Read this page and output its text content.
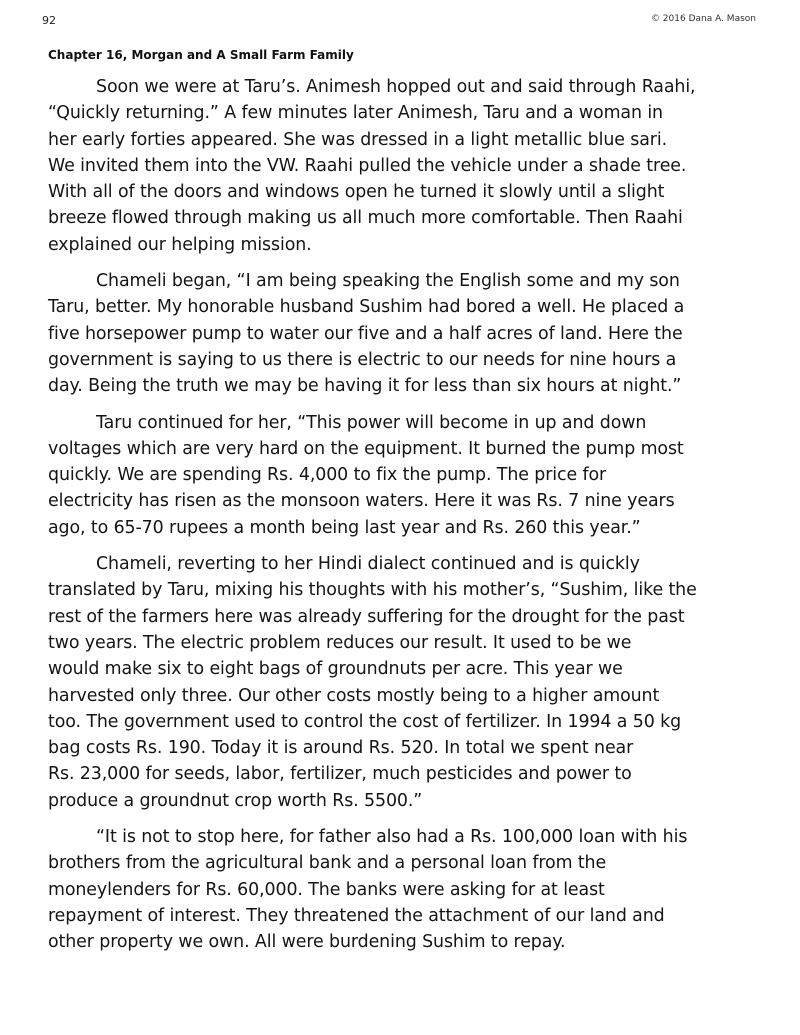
92	© 2016 Dana A. Mason
Chapter 16, Morgan and A Small Farm Family

Soon we were at Taru’s. Animesh hopped out and said through Raahi,
“Quickly returning.” A few minutes later Animesh, Taru and a woman in
her early forties appeared. She was dressed in a light metallic blue sari.
We invited them into the VW. Raahi pulled the vehicle under a shade tree.
With all of the doors and windows open he turned it slowly until a slight
breeze flowed through making us all much more comfortable. Then Raahi
explained our helping mission.

Chameli began, “I am being speaking the English some and my son
Taru, better. My honorable husband Sushim had bored a well. He placed a
five horsepower pump to water our five and a half acres of land. Here the
government is saying to us there is electric to our needs for nine hours a
day. Being the truth we may be having it for less than six hours at night.”

Taru continued for her, “This power will become in up and down
voltages which are very hard on the equipment. It burned the pump most
quickly. We are spending Rs. 4,000 to fix the pump. The price for
electricity has risen as the monsoon waters. Here it was Rs. 7 nine years
ago, to 65-70 rupees a month being last year and Rs. 260 this year.”

Chameli, reverting to her Hindi dialect continued and is quickly
translated by Taru, mixing his thoughts with his mother’s, “Sushim, like the
rest of the farmers here was already suffering for the drought for the past
two years. The electric problem reduces our result. It used to be we
would make six to eight bags of groundnuts per acre. This year we
harvested only three. Our other costs mostly being to a higher amount
too. The government used to control the cost of fertilizer. In 1994 a 50 kg
bag costs Rs. 190. Today it is around Rs. 520. In total we spent near
Rs. 23,000 for seeds, labor, fertilizer, much pesticides and power to
produce a groundnut crop worth Rs. 5500.”

“It is not to stop here, for father also had a Rs. 100,000 loan with his
brothers from the agricultural bank and a personal loan from the
moneylenders for Rs. 60,000. The banks were asking for at least
repayment of interest. They threatened the attachment of our land and
other property we own. All were burdening Sushim to repay.
